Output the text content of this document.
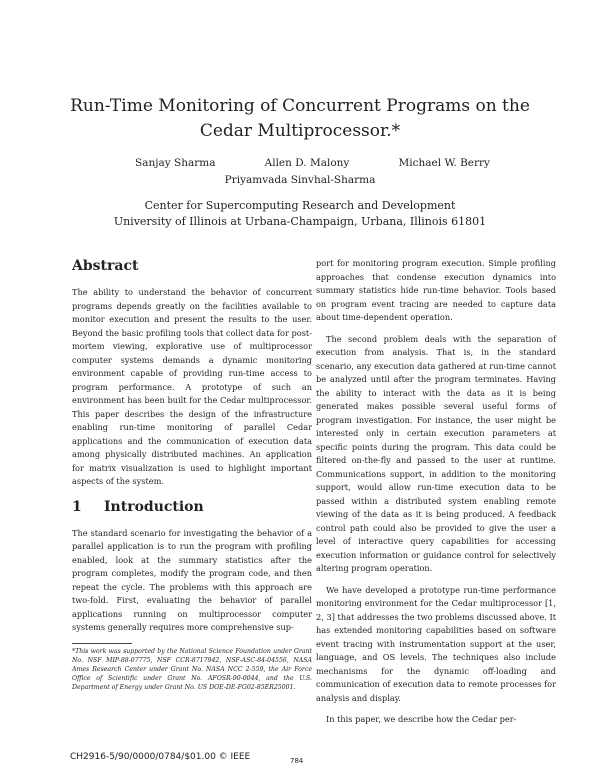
Run-Time Monitoring of Concurrent Programs on the Cedar Multiprocessor.*
Sanjay Sharma	Allen D. Malony	Michael W. Berry
Priyamvada Sinvhal-Sharma
Center for Supercomputing Research and Development
University of Illinois at Urbana-Champaign, Urbana, Illinois 61801
Abstract

The ability to understand the behavior of concurrent programs depends greatly on the facilities available to monitor execution and present the results to the user. Beyond the basic profiling tools that collect data for post-mortem viewing, explorative use of multiprocessor computer systems demands a dynamic monitoring environment capable of providing run-time access to program performance. A prototype of such an environment has been built for the Cedar multiprocessor. This paper describes the design of the infrastructure enabling run-time monitoring of parallel Cedar applications and the communication of execution data among physically distributed machines. An application for matrix visualization is used to highlight important aspects of the system.

1 Introduction

The standard scenario for investigating the behavior of a parallel application is to run the program with profiling enabled, look at the summary statistics after the program completes, modify the program code, and then repeat the cycle. The problems with this approach are two-fold. First, evaluating the behavior of parallel applications running on multiprocessor computer systems generally requires more comprehensive sup-

*This work was supported by the National Science Foundation under Grant No. NSF MIP-88-07775, NSF CCR-8717942, NSF-ASC-84-04556, NASA Ames Research Center under Grant No. NASA NCC 2-559, the Air Force Office of Scientific under Grant No. AFOSR-90-0044, and the U.S. Department of Energy under Grant No. US DOE-DE-FG02-85ER25001.

port for monitoring program execution. Simple profiling approaches that condense execution dynamics into summary statistics hide run-time behavior. Tools based on program event tracing are needed to capture data about time-dependent operation.

The second problem deals with the separation of execution from analysis. That is, in the standard scenario, any execution data gathered at run-time cannot be analyzed until after the program terminates. Having the ability to interact with the data as it is being generated makes possible several useful forms of program investigation. For instance, the user might be interested only in certain execution parameters at specific points during the program. This data could be filtered on-the-fly and passed to the user at runtime. Communications support, in addition to the monitoring support, would allow run-time execution data to be passed within a distributed system enabling remote viewing of the data as it is being produced. A feedback control path could also be provided to give the user a level of interactive query capabilities for accessing execution information or guidance control for selectively altering program operation.

We have developed a prototype run-time performance monitoring environment for the Cedar multiprocessor [1, 2, 3] that addresses the two problems discussed above. It has extended monitoring capabilities based on software event tracing with instrumentation support at the user, language, and OS levels. The techniques also include mechanisms for the dynamic off-loading and communication of execution data to remote processes for analysis and display.

In this paper, we describe how the Cedar per-

CH2916-5/90/0000/0784/$01.00 © IEEE	784
